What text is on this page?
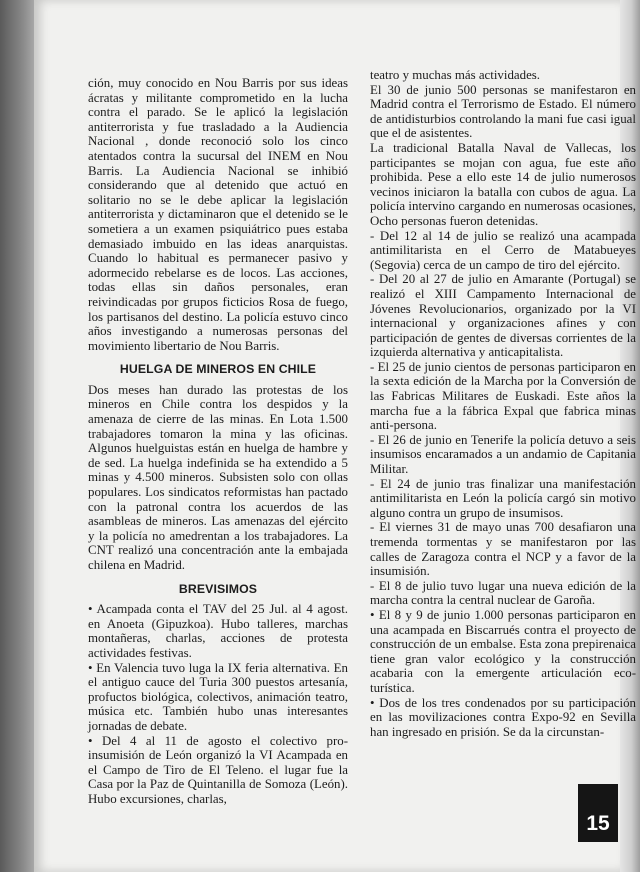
ción, muy conocido en Nou Barris por sus ideas ácratas y militante comprometido en la lucha contra el parado. Se le aplicó la legislación antiterrorista y fue trasladado a la Audiencia Nacional , donde reconoció solo los cinco atentados contra la sucursal del INEM en Nou Barris. La Audiencia Nacional se inhibió considerando que al detenido que actuó en solitario no se le debe aplicar la legislación antiterrorista y dictaminaron que el detenido se le sometiera a un examen psiquiátrico pues estaba demasiado imbuido en las ideas anarquistas. Cuando lo habitual es permanecer pasivo y adormecido rebelarse es de locos. Las acciones, todas ellas sin daños personales, eran reivindicadas por grupos ficticios Rosa de fuego, los partisanos del destino. La policía estuvo cinco años investigando a numerosas personas del movimiento libertario de Nou Barris.

HUELGA DE MINEROS EN CHILE

Dos meses han durado las protestas de los mineros en Chile contra los despidos y la amenaza de cierre de las minas. En Lota 1.500 trabajadores tomaron la mina y las oficinas. Algunos huelguistas están en huelga de hambre y de sed. La huelga indefinida se ha extendido a 5 minas y 4.500 mineros. Subsisten solo con ollas populares. Los sindicatos reformistas han pactado con la patronal contra los acuerdos de las asambleas de mineros. Las amenazas del ejército y la policía no amedrentan a los trabajadores. La CNT realizó una concentración ante la embajada chilena en Madrid.

BREVISIMOS

• Acampada conta el TAV del 25 Jul. al 4 agost. en Anoeta (Gipuzkoa). Hubo talleres, marchas montañeras, charlas, acciones de protesta actividades festivas.

• En Valencia tuvo luga la IX feria alternativa. En el antiguo cauce del Turia 300 puestos artesanía, profuctos biológica, colectivos, animación teatro, música etc. También hubo unas interesantes jornadas de debate.

• Del 4 al 11 de agosto el colectivo pro-insumisión de León organizó la VI Acampada en el Campo de Tiro de El Teleno. el lugar fue la Casa por la Paz de Quintanilla de Somoza (León). Hubo excursiones, charlas,

teatro y muchas más actividades.

El 30 de junio 500 personas se manifestaron en Madrid contra el Terrorismo de Estado. El número de antidisturbios controlando la mani fue casi igual que el de asistentes.

La tradicional Batalla Naval de Vallecas, los participantes se mojan con agua, fue este año prohibida. Pese a ello este 14 de julio numerosos vecinos iniciaron la batalla con cubos de agua. La policía intervino cargando en numerosas ocasiones, Ocho personas fueron detenidas.

- Del 12 al 14 de julio se realizó una acampada antimilitarista en el Cerro de Matabueyes (Segovia) cerca de un campo de tiro del ejército.

- Del 20 al 27 de julio en Amarante (Portugal) se realizó el XIII Campamento Internacional de Jóvenes Revolucionarios, organizado por la VI internacional y organizaciones afines y con participación de gentes de diversas corrientes de la izquierda alternativa y anticapitalista.

- El 25 de junio cientos de personas participaron en la sexta edición de la Marcha por la Conversión de las Fabricas Militares de Euskadi. Este años la marcha fue a la fábrica Expal que fabrica minas anti-persona.

- El 26 de junio en Tenerife la policía detuvo a seis insumisos encaramados a un andamio de Capitania Militar.

- El 24 de junio tras finalizar una manifestación antimilitarista en León la policía cargó sin motivo alguno contra un grupo de insumisos.

- El viernes 31 de mayo unas 700 desafiaron una tremenda tormentas y se manifestaron por las calles de Zaragoza contra el NCP y a favor de la insumisión.

- El 8 de julio tuvo lugar una nueva edición de la marcha contra la central nuclear de Garoña.

• El 8 y 9 de junio 1.000 personas participaron en una acampada en Biscarrués contra el proyecto de construcción de un embalse. Esta zona prepirenaica tiene gran valor ecológico y la construcción acabaria con la emergente articulación eco-turística.

• Dos de los tres condenados por su participación en las movilizaciones contra Expo-92 en Sevilla han ingresado en prisión. Se da la circunstan-

15
